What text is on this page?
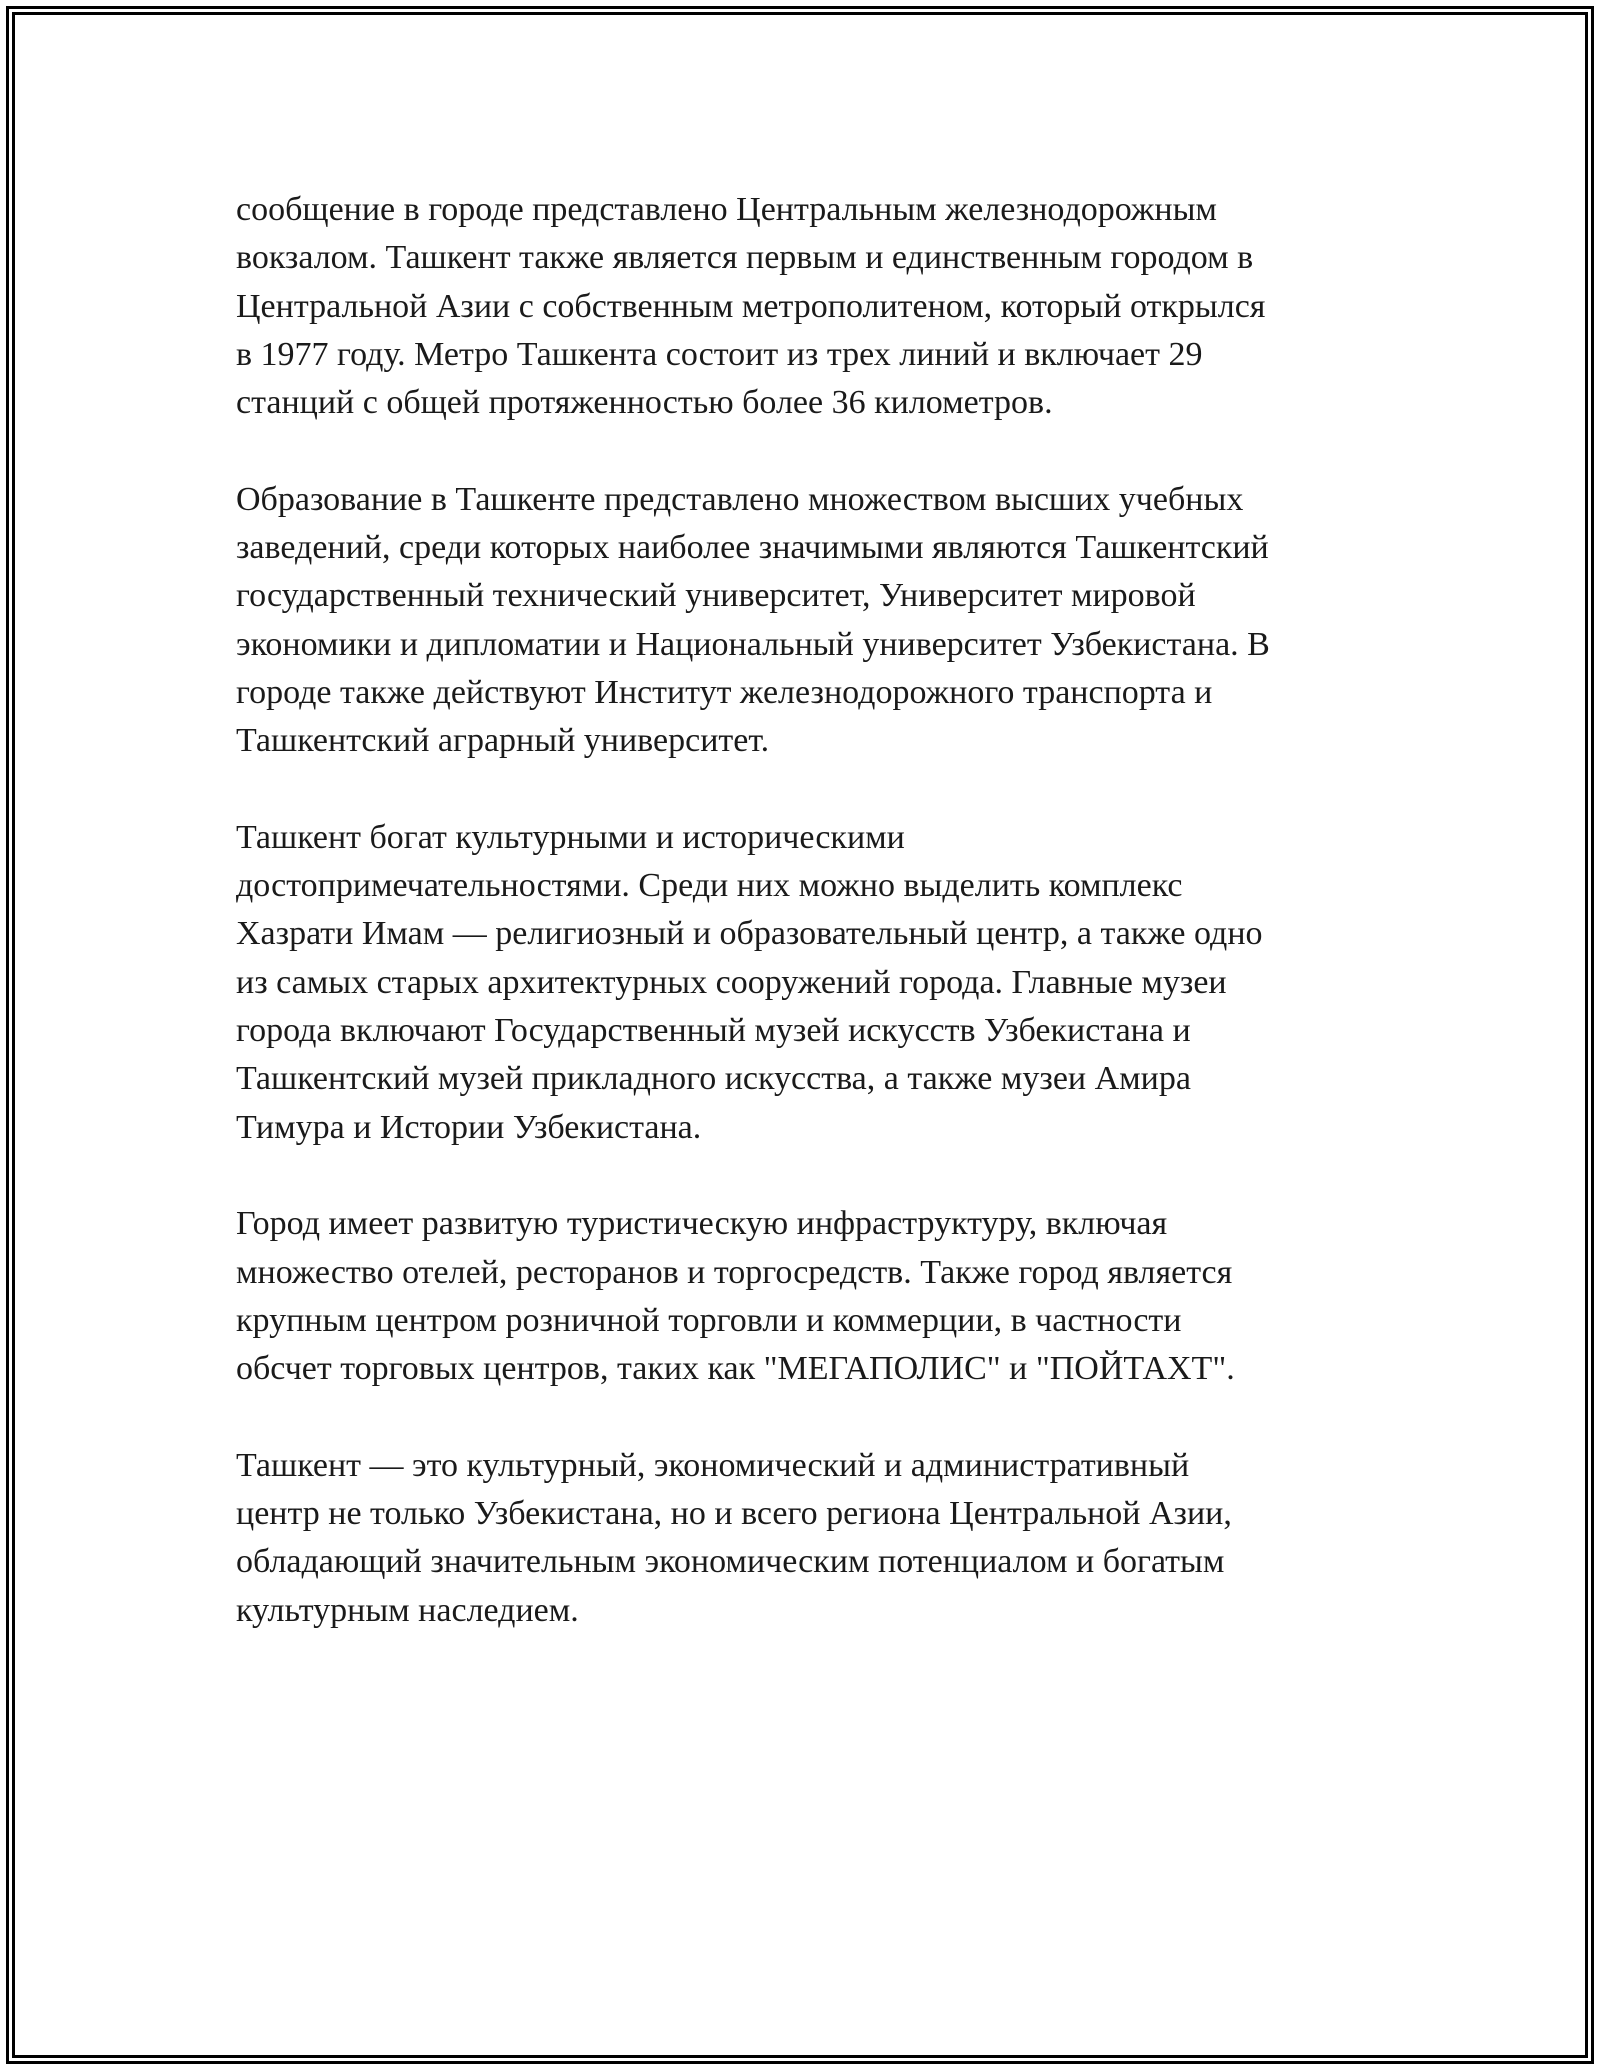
сообщение в городе представлено Центральным железнодорожным
вокзалом. Ташкент также является первым и единственным городом в
Центральной Азии с собственным метрополитеном, который открылся
в 1977 году. Метро Ташкента состоит из трех линий и включает 29
станций с общей протяженностью более 36 километров.

Образование в Ташкенте представлено множеством высших учебных
заведений, среди которых наиболее значимыми являются Ташкентский
государственный технический университет, Университет мировой
экономики и дипломатии и Национальный университет Узбекистана. В
городе также действуют Институт железнодорожного транспорта и
Ташкентский аграрный университет.

Ташкент богат культурными и историческими
достопримечательностями. Среди них можно выделить комплекс
Хазрати Имам — религиозный и образовательный центр, а также одно
из самых старых архитектурных сооружений города. Главные музеи
города включают Государственный музей искусств Узбекистана и
Ташкентский музей прикладного искусства, а также музеи Амира
Тимура и Истории Узбекистана.

Город имеет развитую туристическую инфраструктуру, включая
множество отелей, ресторанов и торгосредств. Также город является
крупным центром розничной торговли и коммерции, в частности
обсчет торговых центров, таких как "МЕГАПОЛИС" и "ПОЙТАХТ".

Ташкент — это культурный, экономический и административный
центр не только Узбекистана, но и всего региона Центральной Азии,
обладающий значительным экономическим потенциалом и богатым
культурным наследием.
